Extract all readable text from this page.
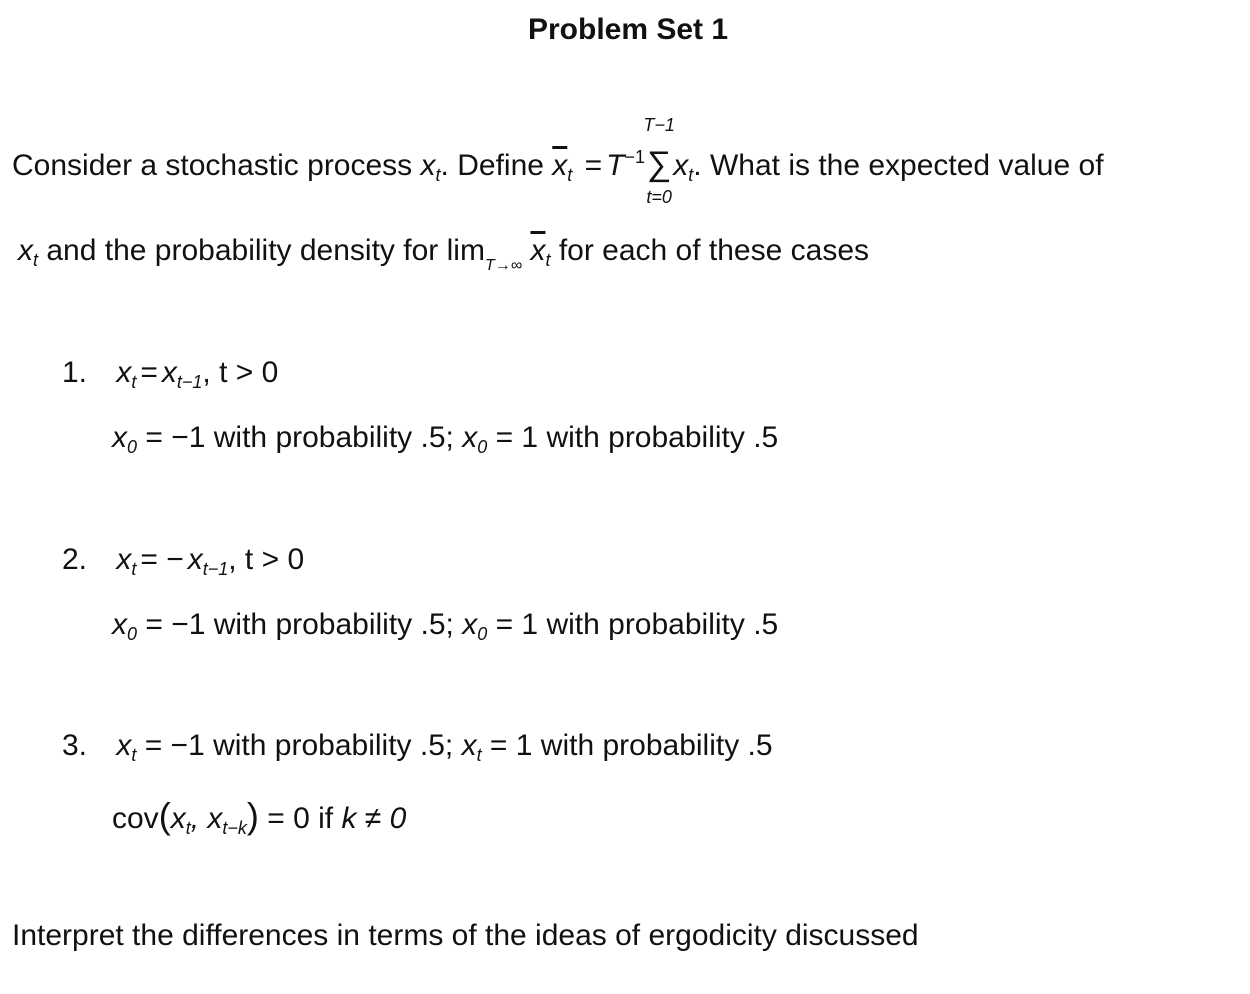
Problem Set 1
Consider a stochastic process $x_t$. Define $\overline{x}_t = T^{-1}\sum$
T−1
t=0
$x_t$. What is the expected value of
$x_t$ and the probability density for $\lim_{T\to\infty} \overline{x}_t$ for each of these cases
1. $x_t = x_{t-1}$, t > 0
$x_0 = -1$ with probability .5; $x_0 = 1$ with probability .5
2. $x_t$ = − $x_{t-1}$, t > 0
$x_0 = -1$ with probability .5; $x_0 = 1$ with probability .5
3. $x_t = -1$ with probability .5; $x_t = 1$ with probability .5
$cov(x_t$, $x_{t-k}) = 0$ if k ≠ 0
Interpret the differences in terms of the ideas of ergodicity discussed
